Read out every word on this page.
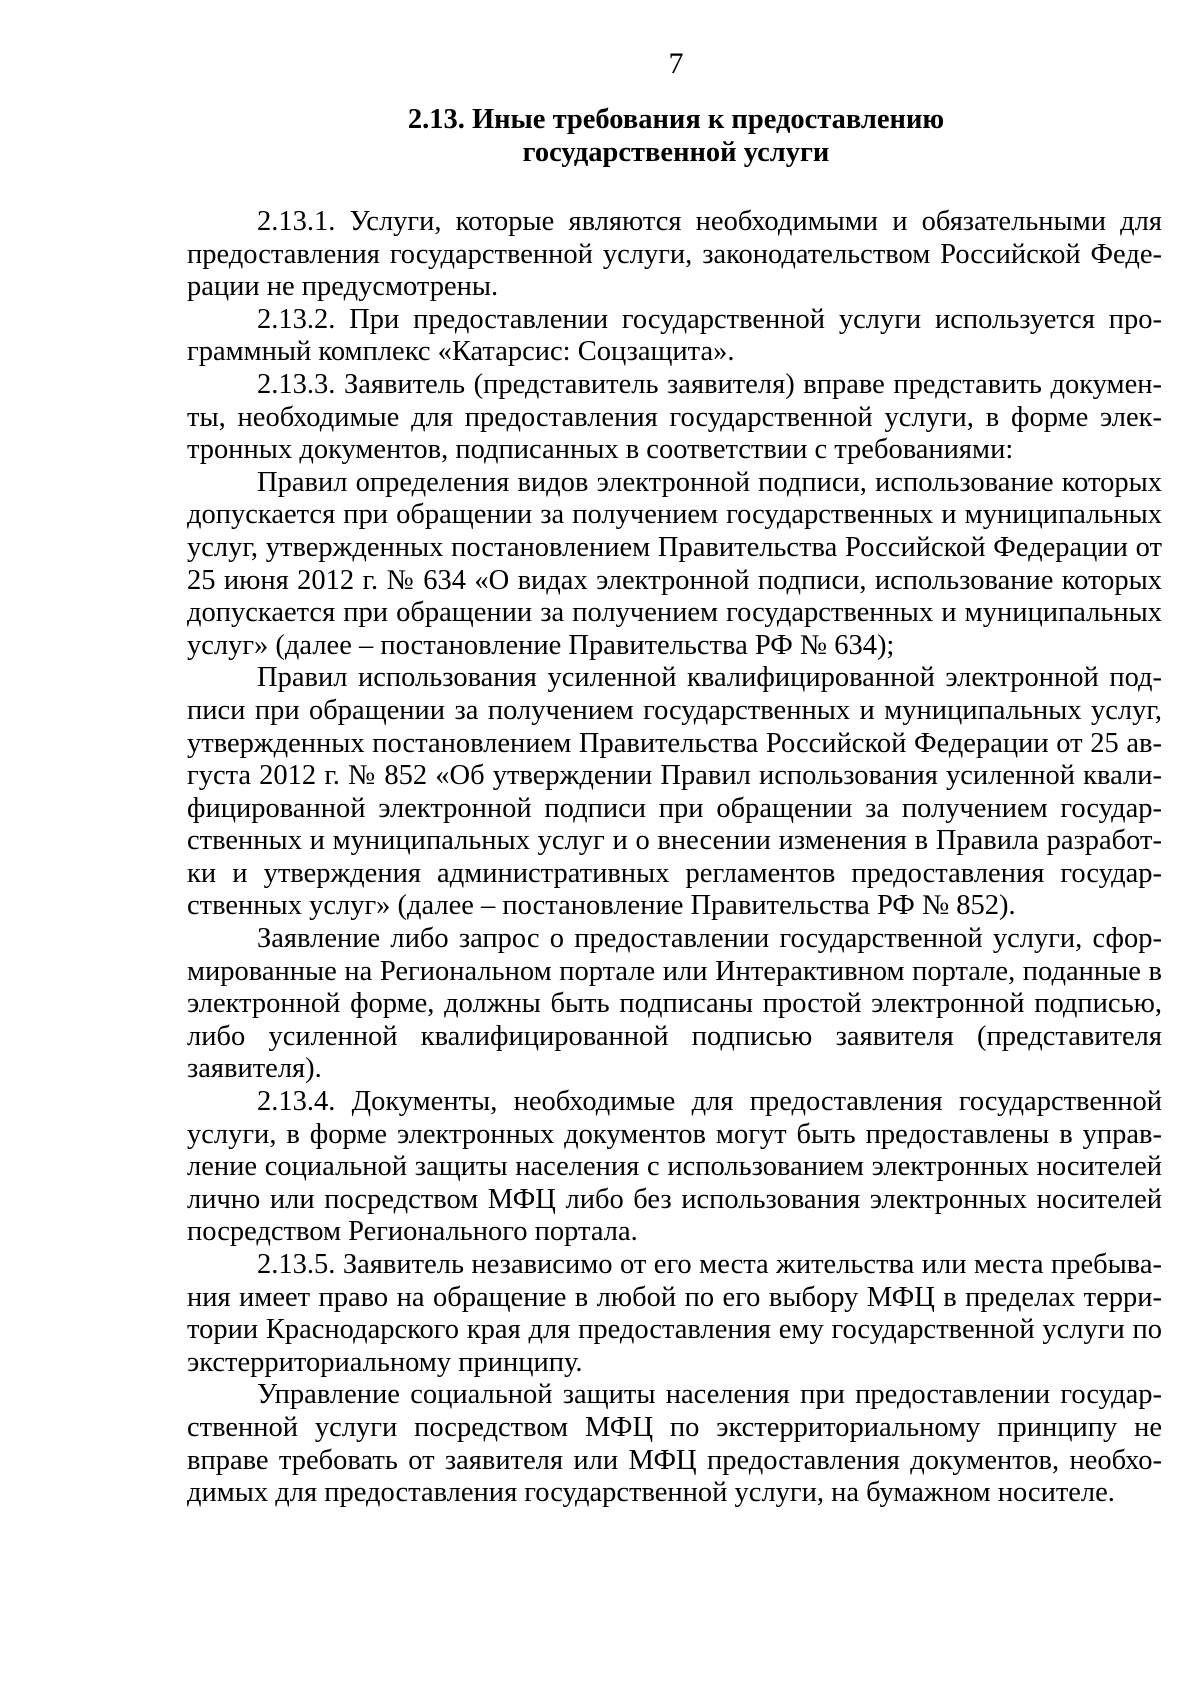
7
2.13. Иные требования к предоставлению
государственной услуги

2.13.1. Услуги, которые являются необходимыми и обязательными для предоставления государственной услуги, законодательством Российской Федерации не предусмотрены.

2.13.2. При предоставлении государственной услуги используется программный комплекс «Катарсис: Соцзащита».

2.13.3. Заявитель (представитель заявителя) вправе представить документы, необходимые для предоставления государственной услуги, в форме электронных документов, подписанных в соответствии с требованиями:

Правил определения видов электронной подписи, использование которых допускается при обращении за получением государственных и муниципальных услуг, утвержденных постановлением Правительства Российской Федерации от 25 июня 2012 г. № 634 «О видах электронной подписи, использование которых допускается при обращении за получением государственных и муниципальных услуг» (далее – постановление Правительства РФ № 634);

Правил использования усиленной квалифицированной электронной подписи при обращении за получением государственных и муниципальных услуг, утвержденных постановлением Правительства Российской Федерации от 25 августа 2012 г. № 852 «Об утверждении Правил использования усиленной квалифицированной электронной подписи при обращении за получением государственных и муниципальных услуг и о внесении изменения в Правила разработки и утверждения административных регламентов предоставления государственных услуг» (далее – постановление Правительства РФ № 852).

Заявление либо запрос о предоставлении государственной услуги, сформированные на Региональном портале или Интерактивном портале, поданные в электронной форме, должны быть подписаны простой электронной подписью, либо усиленной квалифицированной подписью заявителя (представителя заявителя).

2.13.4. Документы, необходимые для предоставления государственной услуги, в форме электронных документов могут быть предоставлены в управление социальной защиты населения с использованием электронных носителей лично или посредством МФЦ либо без использования электронных носителей посредством Регионального портала.

2.13.5. Заявитель независимо от его места жительства или места пребывания имеет право на обращение в любой по его выбору МФЦ в пределах территории Краснодарского края для предоставления ему государственной услуги по экстерриториальному принципу.

Управление социальной защиты населения при предоставлении государственной услуги посредством МФЦ по экстерриториальному принципу не вправе требовать от заявителя или МФЦ предоставления документов, необходимых для предоставления государственной услуги, на бумажном носителе.
